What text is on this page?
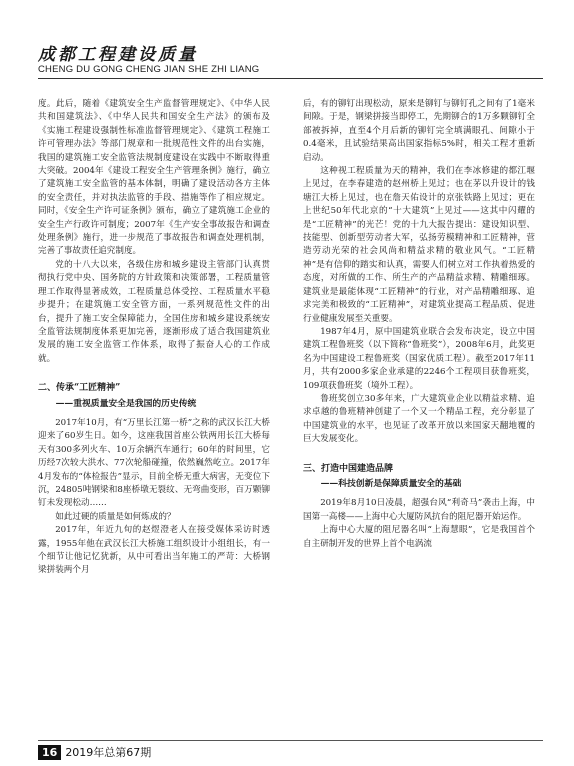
成都工程建设质量
CHENG DU GONG CHENG JIAN SHE ZHI LIANG

度。此后，随着《建筑安全生产监督管理规定》、《中华人民共和国建筑法》、《中华人民共和国安全生产法》的颁布及《实施工程建设强制性标准监督管理规定》、《建筑工程施工许可管理办法》等部门规章和一批规范性文件的出台实施，我国的建筑施工安全监管法规制度建设在实践中不断取得重大突破。2004年《建设工程安全生产管理条例》施行，确立了建筑施工安全监管的基本体制，明确了建设活动各方主体的安全责任，并对执法监管的手段、措施等作了相应规定。同时，《安全生产许可证条例》颁布，确立了建筑施工企业的安全生产行政许可制度；2007年《生产安全事故报告和调查处理条例》施行，进一步规范了事故报告和调查处理机制，完善了事故责任追究制度。

党的十八大以来，各级住房和城乡建设主管部门认真贯彻执行党中央、国务院的方针政策和决策部署，工程质量管理工作取得显著成效，工程质量总体受控、工程质量水平稳步提升；在建筑施工安全管方面，一系列规范性文件的出台，提升了施工安全保障能力，全国住房和城乡建设系统安全监管法规制度体系更加完善，逐渐形成了适合我国建筑业发展的施工安全监管工作体系，取得了振奋人心的工作成就。

二、传承“工匠精神”
——重视质量安全是我国的历史传统

2017年10月，有“万里长江第一桥”之称的武汉长江大桥迎来了60岁生日。如今，这座我国首座公铁两用长江大桥每天有300多列火车、10万余辆汽车通行；60年的时间里，它历经7次较大洪水、77次轮船碰撞，依然巍然屹立。2017年4月发布的“体检报告”显示，目前全桥无重大病害，无变位下沉，24805吨钢梁和8座桥墩无裂纹、无弯曲变形，百万颗铆钉未发现松动……

如此过硬的质量是如何炼成的？

2017年，年近九旬的赵煜澄老人在接受媒体采访时透露，1955年他在武汉长江大桥施工组织设计小组组长，有一个细节让他记忆犹新，从中可看出当年施工的严苛：大桥钢梁拼装两个月

后，有的铆钉出现松动，原来是铆钉与铆钉孔之间有了1毫米间隙。于是，钢梁拼接当即停工，先期铆合的1万多颗铆钉全部被拆掉，直至4个月后新的铆钉完全填满眼孔、间隙小于0.4毫米，且试验结果高出国家指标5%时，相关工程才重新启动。

这种视工程质量为天的精神，我们在李冰修建的都江堰上见过，在李春建造的赵州桥上见过；也在茅以升设计的钱塘江大桥上见过，也在詹天佑设计的京张铁路上见过；更在上世纪50年代北京的“十大建筑”上见过——这其中闪耀的是“工匠精神”的光芒！党的十九大报告提出：建设知识型、技能型、创新型劳动者大军，弘扬劳模精神和工匠精神，营造劳动光荣的社会风尚和精益求精的敬业风气。“工匠精神”是有信仰的踏实和认真，需要人们树立对工作执着热爱的态度，对所做的工作、所生产的产品精益求精、精雕细琢。建筑业是最能体现“工匠精神”的行业，对产品精雕细琢、追求完美和极致的“工匠精神”，对建筑业提高工程品质、促进行业健康发展至关重要。

1987年4月，原中国建筑业联合会发布决定，设立中国建筑工程鲁班奖（以下简称“鲁班奖”），2008年6月，此奖更名为中国建设工程鲁班奖（国家优质工程）。截至2017年11月，共有2000多家企业承建的2246个工程项目获鲁班奖，109项获鲁班奖（境外工程）。

鲁班奖创立30多年来，广大建筑业企业以精益求精、追求卓越的鲁班精神创建了一个又一个精品工程，充分彰显了中国建筑业的水平，也见证了改革开放以来国家天翻地覆的巨大发展变化。

三、打造中国建造品牌
——科技创新是保障质量安全的基础

2019年8月10日凌晨，超强台风“利奇马”袭击上海，中国第一高楼——上海中心大厦防风抗台的阻尼器开始运作。

上海中心大厦的阻尼器名叫“上海慧眼”，它是我国首个自主研制开发的世界上首个电涡流

16 2019年总第67期
